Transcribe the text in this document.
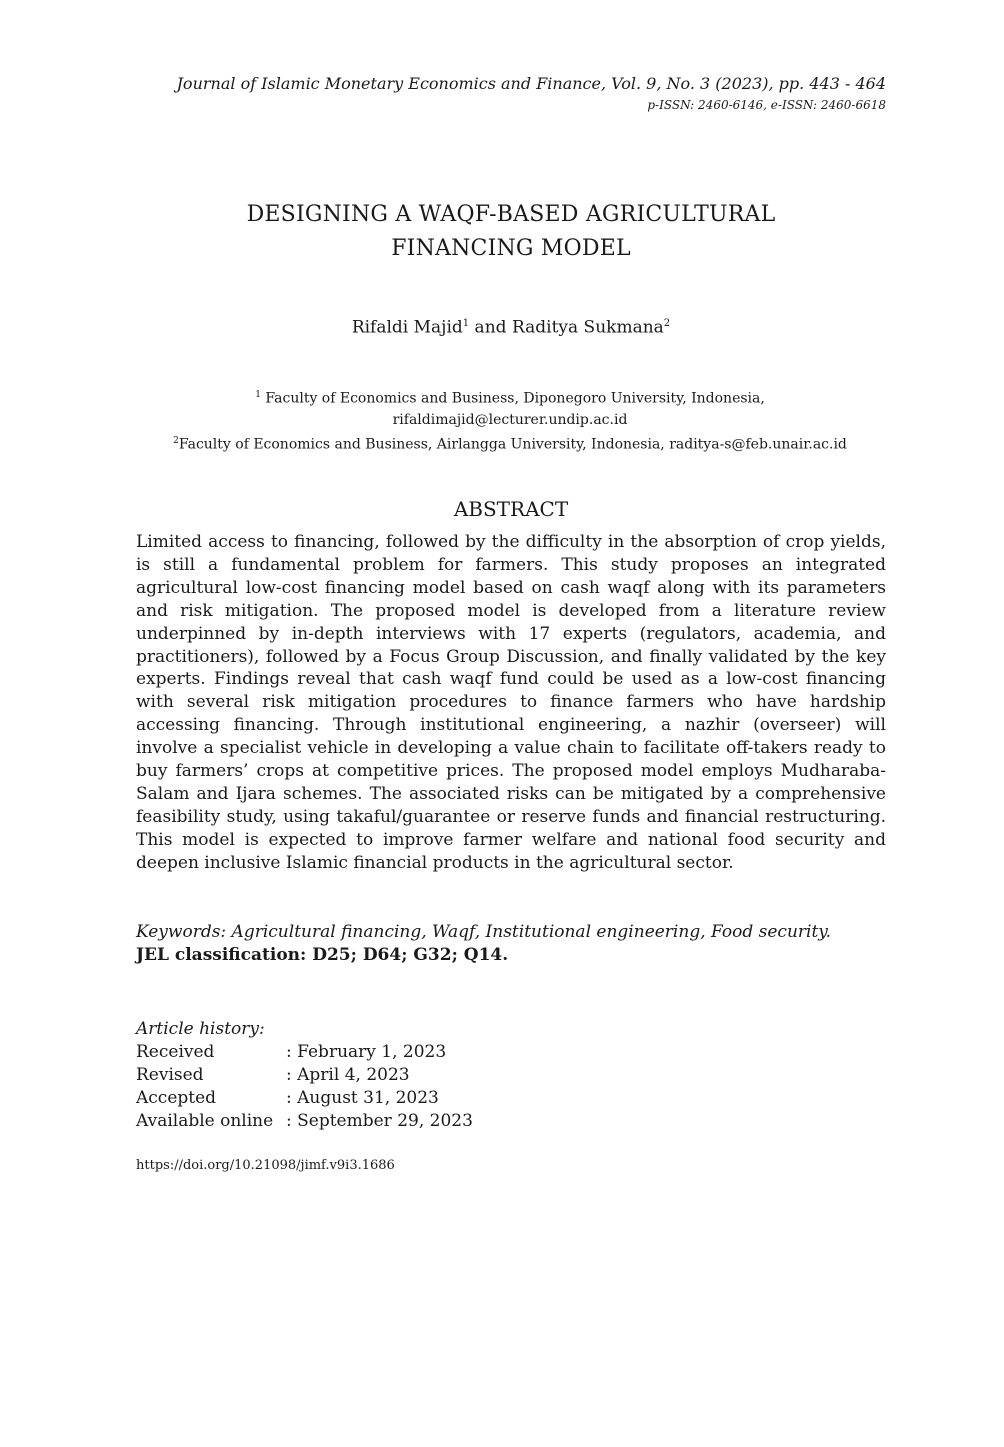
Journal of Islamic Monetary Economics and Finance, Vol. 9, No. 3 (2023), pp. 443 - 464
p-ISSN: 2460-6146, e-ISSN: 2460-6618
DESIGNING A WAQF-BASED AGRICULTURAL
FINANCING MODEL
Rifaldi Majid$^1$ and Raditya Sukmana$^2$
$^1$ Faculty of Economics and Business, Diponegoro University, Indonesia,
rifaldimajid@lecturer.undip.ac.id
$^2$Faculty of Economics and Business, Airlangga University, Indonesia, raditya-s@feb.unair.ac.id
ABSTRACT

Limited access to financing, followed by the difficulty in the absorption of crop yields, is still a fundamental problem for farmers. This study proposes an integrated agricultural low-cost financing model based on cash waqf along with its parameters and risk mitigation. The proposed model is developed from a literature review underpinned by in-depth interviews with 17 experts (regulators, academia, and practitioners), followed by a Focus Group Discussion, and finally validated by the key experts. Findings reveal that cash waqf fund could be used as a low-cost financing with several risk mitigation procedures to finance farmers who have hardship accessing financing. Through institutional engineering, a nazhir (overseer) will involve a specialist vehicle in developing a value chain to facilitate off-takers ready to buy farmers’ crops at competitive prices. The proposed model employs Mudharaba-Salam and Ijara schemes. The associated risks can be mitigated by a comprehensive feasibility study, using takaful/guarantee or reserve funds and financial restructuring. This model is expected to improve farmer welfare and national food security and deepen inclusive Islamic financial products in the agricultural sector.

Keywords: Agricultural financing, Waqf, Institutional engineering, Food security.
JEL classification: D25; D64; G32; Q14.
Article history:
Received	: February 1, 2023
Revised	: April 4, 2023
Accepted	: August 31, 2023
Available online	: September 29, 2023
https://doi.org/10.21098/jimf.v9i3.1686
